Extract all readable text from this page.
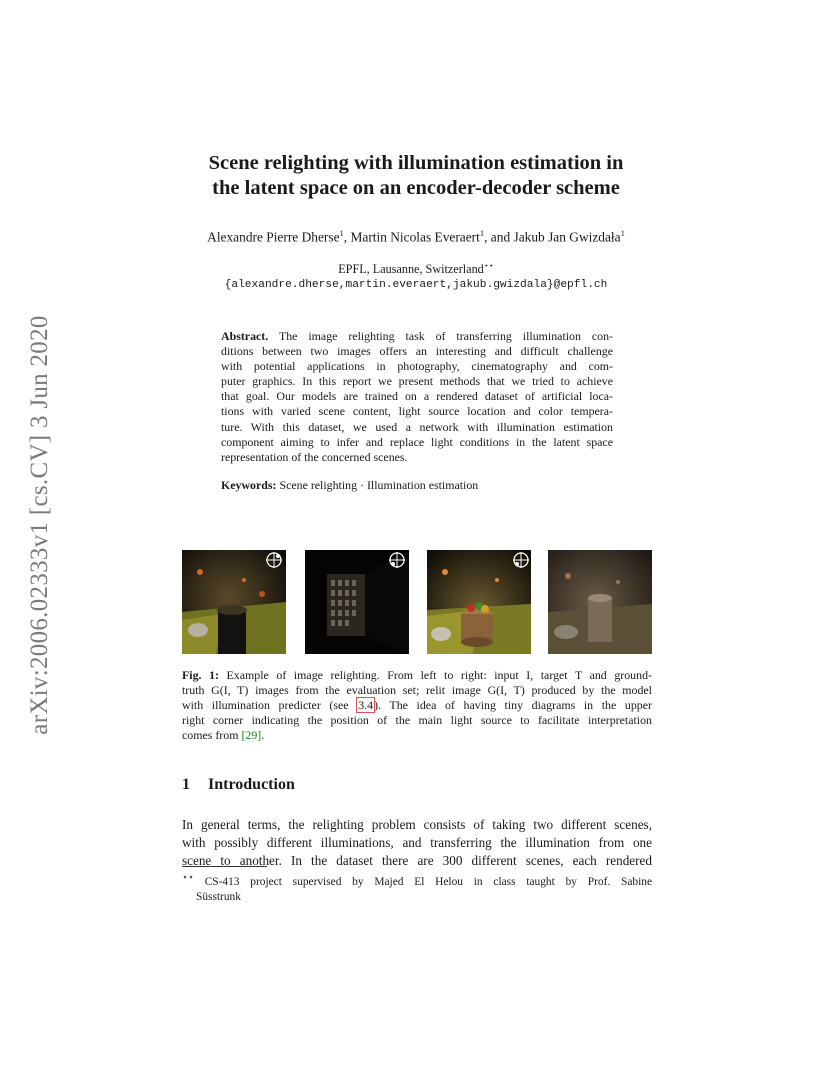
arXiv:2006.02333v1 [cs.CV] 3 Jun 2020
Scene relighting with illumination estimation in
the latent space on an encoder-decoder scheme
Alexandre Pierre Dherse$^1$, Martin Nicolas Everaert$^1$, and Jakub Jan Gwizdała$^1$
EPFL, Lausanne, Switzerland⋆⋆
{alexandre.dherse,martin.everaert,jakub.gwizdala}@epfl.ch
Abstract. The image relighting task of transferring illumination con-
ditions between two images offers an interesting and difficult challenge
with potential applications in photography, cinematography and com-
puter graphics. In this report we present methods that we tried to achieve
that goal. Our models are trained on a rendered dataset of artificial loca-
tions with varied scene content, light source location and color tempera-
ture. With this dataset, we used a network with illumination estimation
component aiming to infer and replace light conditions in the latent space
representation of the concerned scenes.
Keywords: Scene relighting · Illumination estimation
Fig. 1: Example of image relighting. From left to right: input I, target T and ground-
truth G(I, T) images from the evaluation set; relit image G(I, T) produced by the model
with illumination predicter (see 3.4). The idea of having tiny diagrams in the upper
right corner indicating the position of the main light source to facilitate interpretation
comes from [29].
1 Introduction
In general terms, the relighting problem consists of taking two different scenes,
with possibly different illuminations, and transferring the illumination from one
scene to another. In the dataset there are 300 different scenes, each rendered
⋆⋆ CS-413 project supervised by Majed El Helou in class taught by Prof. Sabine
Süsstrunk
